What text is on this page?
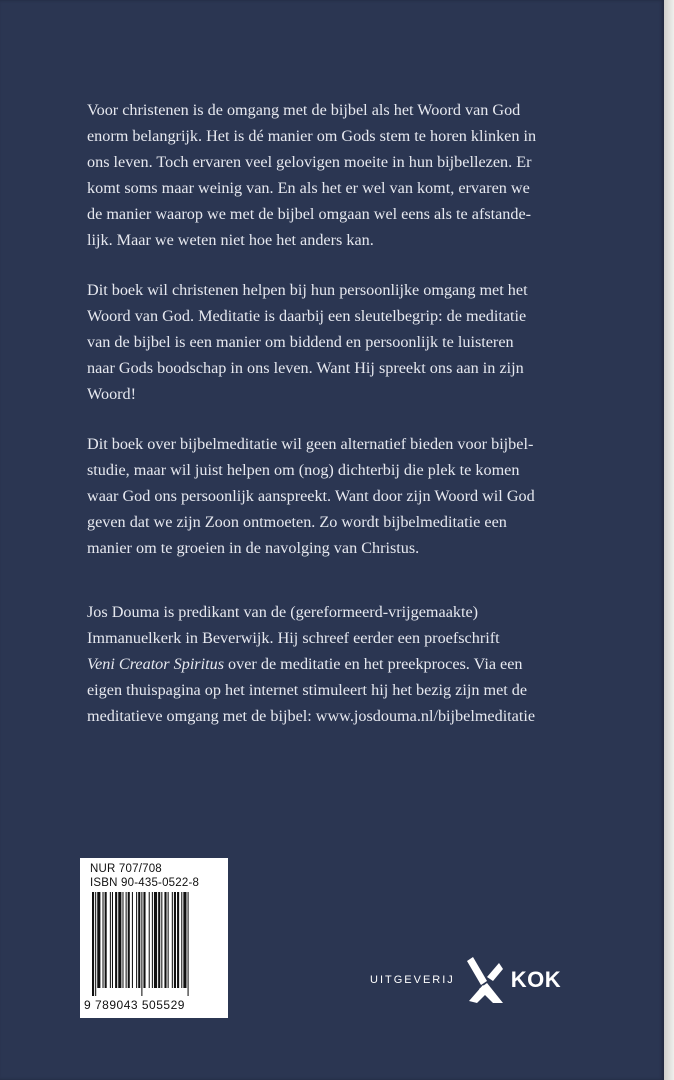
Voor christenen is de omgang met de bijbel als het Woord van God
enorm belangrijk. Het is dé manier om Gods stem te horen klinken in
ons leven. Toch ervaren veel gelovigen moeite in hun bijbellezen. Er
komt soms maar weinig van. En als het er wel van komt, ervaren we
de manier waarop we met de bijbel omgaan wel eens als te afstande-
lijk. Maar we weten niet hoe het anders kan.

Dit boek wil christenen helpen bij hun persoonlijke omgang met het
Woord van God. Meditatie is daarbij een sleutelbegrip: de meditatie
van de bijbel is een manier om biddend en persoonlijk te luisteren
naar Gods boodschap in ons leven. Want Hij spreekt ons aan in zijn
Woord!

Dit boek over bijbelmeditatie wil geen alternatief bieden voor bijbel-
studie, maar wil juist helpen om (nog) dichterbij die plek te komen
waar God ons persoonlijk aanspreekt. Want door zijn Woord wil God
geven dat we zijn Zoon ontmoeten. Zo wordt bijbelmeditatie een
manier om te groeien in de navolging van Christus.

Jos Douma is predikant van de (gereformeerd-vrijgemaakte)
Immanuelkerk in Beverwijk. Hij schreef eerder een proefschrift
Veni Creator Spiritus over de meditatie en het preekproces. Via een
eigen thuispagina op het internet stimuleert hij het bezig zijn met de
meditatieve omgang met de bijbel: www.josdouma.nl/bijbelmeditatie

NUR 707/708
ISBN 90-435-0522-8
9 789043 505529
UITGEVERIJ	KOK
